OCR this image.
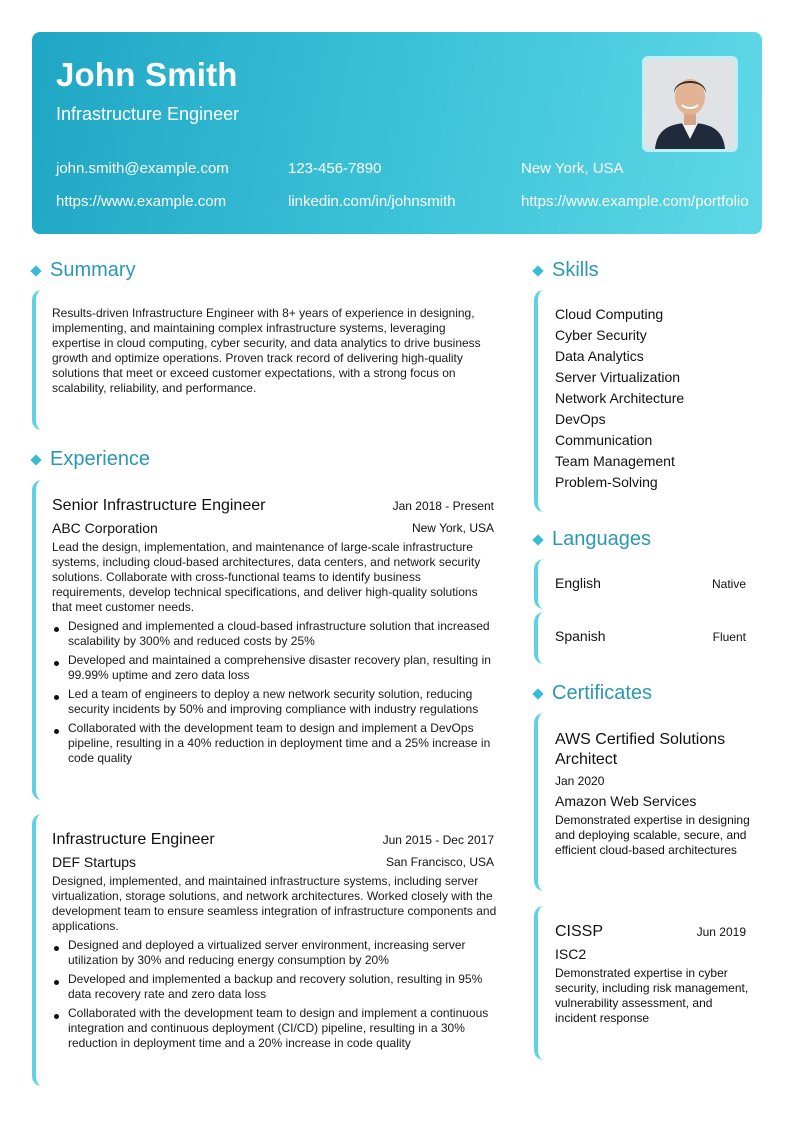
John Smith
Infrastructure Engineer
john.smith@example.com	123-456-7890	New York, USA
https://www.example.com	linkedin.com/in/johnsmith	https://www.example.com/portfolio
Summary
Results-driven Infrastructure Engineer with 8+ years of experience in designing, implementing, and maintaining complex infrastructure systems, leveraging expertise in cloud computing, cyber security, and data analytics to drive business growth and optimize operations. Proven track record of delivering high-quality solutions that meet or exceed customer expectations, with a strong focus on scalability, reliability, and performance.
Experience
Senior Infrastructure Engineer	Jan 2018 - Present
ABC Corporation	New York, USA
Lead the design, implementation, and maintenance of large-scale infrastructure systems, including cloud-based architectures, data centers, and network security solutions. Collaborate with cross-functional teams to identify business requirements, develop technical specifications, and deliver high-quality solutions that meet customer needs.
Designed and implemented a cloud-based infrastructure solution that increased scalability by 300% and reduced costs by 25%
Developed and maintained a comprehensive disaster recovery plan, resulting in 99.99% uptime and zero data loss
Led a team of engineers to deploy a new network security solution, reducing security incidents by 50% and improving compliance with industry regulations
Collaborated with the development team to design and implement a DevOps pipeline, resulting in a 40% reduction in deployment time and a 25% increase in code quality
Infrastructure Engineer	Jun 2015 - Dec 2017
DEF Startups	San Francisco, USA
Designed, implemented, and maintained infrastructure systems, including server virtualization, storage solutions, and network architectures. Worked closely with the development team to ensure seamless integration of infrastructure components and applications.
Designed and deployed a virtualized server environment, increasing server utilization by 30% and reducing energy consumption by 20%
Developed and implemented a backup and recovery solution, resulting in 95% data recovery rate and zero data loss
Collaborated with the development team to design and implement a continuous integration and continuous deployment (CI/CD) pipeline, resulting in a 30% reduction in deployment time and a 20% increase in code quality
Skills
Cloud Computing
Cyber Security
Data Analytics
Server Virtualization
Network Architecture
DevOps
Communication
Team Management
Problem-Solving
Languages
English	Native
Spanish	Fluent
Certificates
AWS Certified Solutions Architect
Jan 2020
Amazon Web Services
Demonstrated expertise in designing and deploying scalable, secure, and efficient cloud-based architectures
CISSP	Jun 2019
ISC2
Demonstrated expertise in cyber security, including risk management, vulnerability assessment, and incident response
